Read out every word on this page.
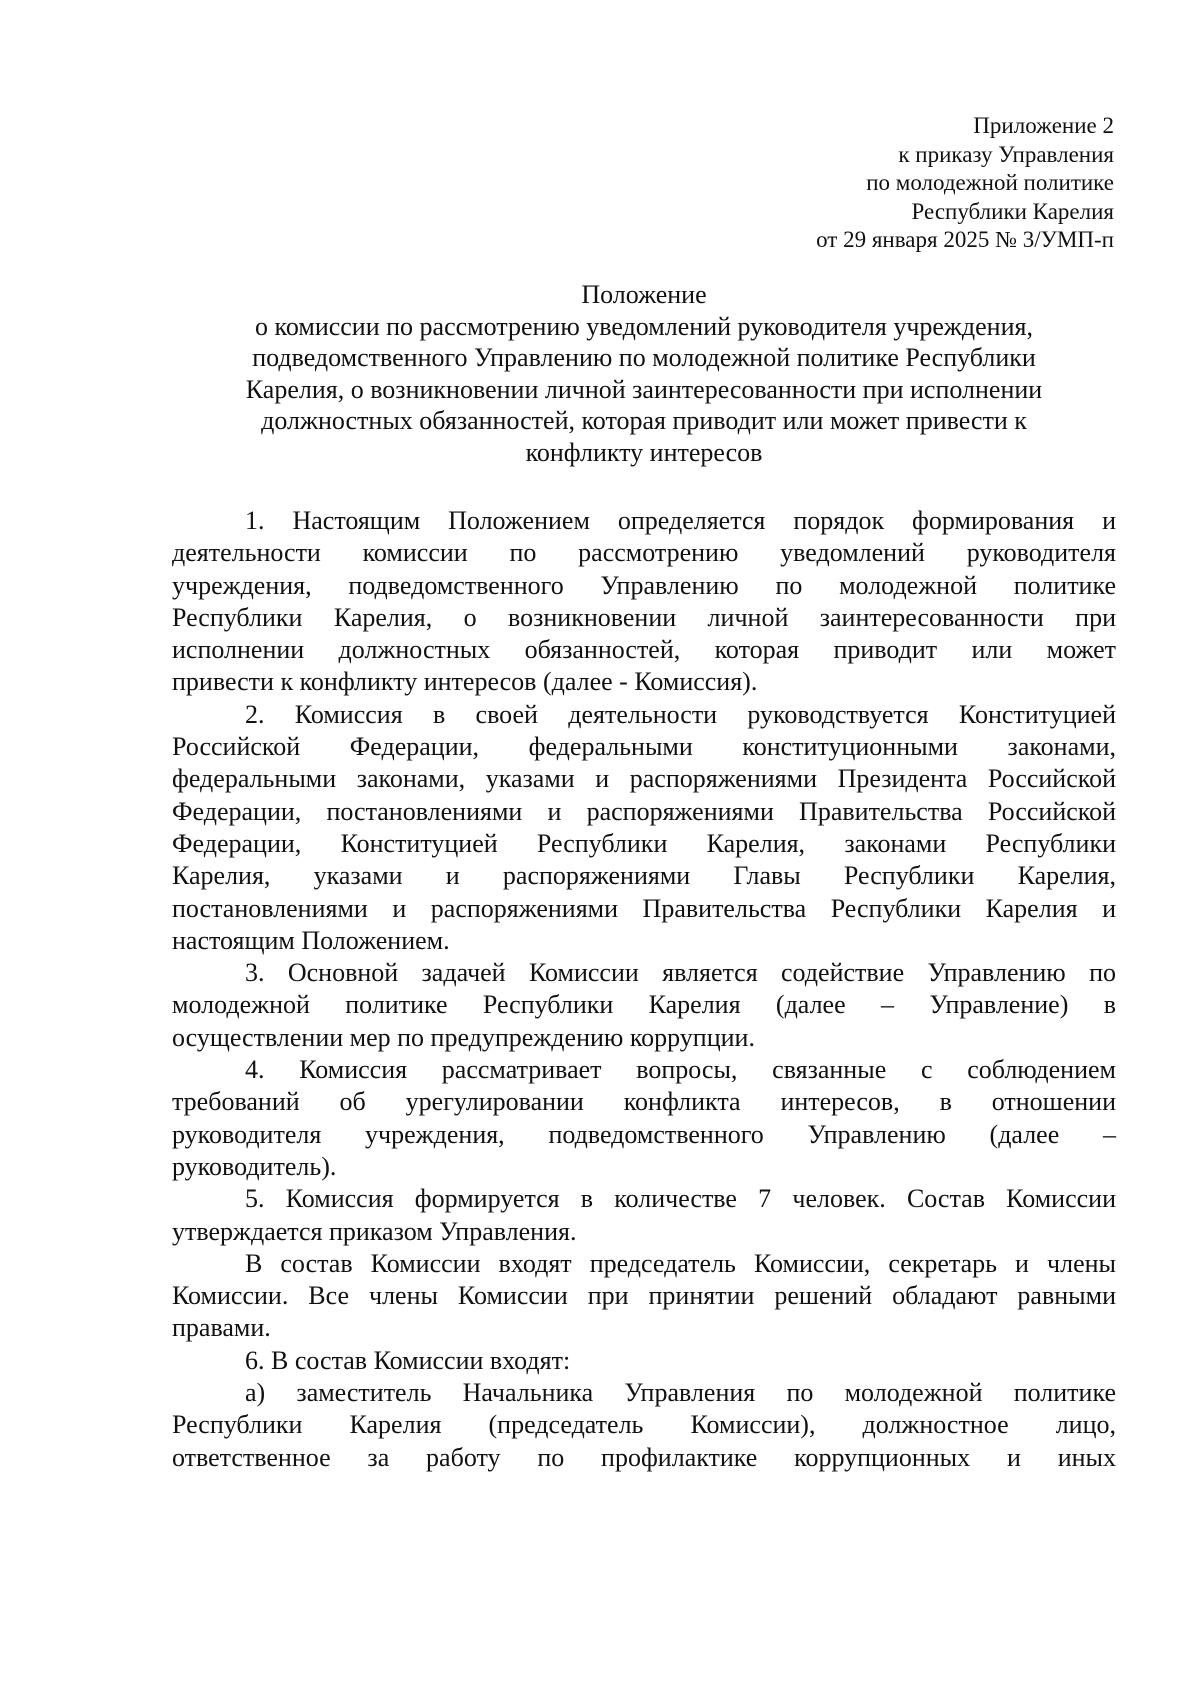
Приложение 2
к приказу Управления
по молодежной политике
Республики Карелия
от 29 января 2025 № 3/УМП-п
Положение
о комиссии по рассмотрению уведомлений руководителя учреждения,
подведомственного Управлению по молодежной политике Республики
Карелия, о возникновении личной заинтересованности при исполнении
должностных обязанностей, которая приводит или может привести к
конфликту интересов
1. Настоящим Положением определяется порядок формирования и
деятельности комиссии по рассмотрению уведомлений руководителя
учреждения, подведомственного Управлению по молодежной политике
Республики Карелия, о возникновении личной заинтересованности при
исполнении должностных обязанностей, которая приводит или может
привести к конфликту интересов (далее - Комиссия).
2. Комиссия в своей деятельности руководствуется Конституцией
Российской Федерации, федеральными конституционными законами,
федеральными законами, указами и распоряжениями Президента Российской
Федерации, постановлениями и распоряжениями Правительства Российской
Федерации, Конституцией Республики Карелия, законами Республики
Карелия, указами и распоряжениями Главы Республики Карелия,
постановлениями и распоряжениями Правительства Республики Карелия и
настоящим Положением.
3. Основной задачей Комиссии является содействие Управлению по
молодежной политике Республики Карелия (далее – Управление) в
осуществлении мер по предупреждению коррупции.
4. Комиссия рассматривает вопросы, связанные с соблюдением
требований об урегулировании конфликта интересов, в отношении
руководителя учреждения, подведомственного Управлению (далее –
руководитель).
5. Комиссия формируется в количестве 7 человек. Состав Комиссии
утверждается приказом Управления.
В состав Комиссии входят председатель Комиссии, секретарь и члены
Комиссии. Все члены Комиссии при принятии решений обладают равными
правами.
6. В состав Комиссии входят:
а) заместитель Начальника Управления по молодежной политике
Республики Карелия (председатель Комиссии), должностное лицо,
ответственное за работу по профилактике коррупционных и иных
